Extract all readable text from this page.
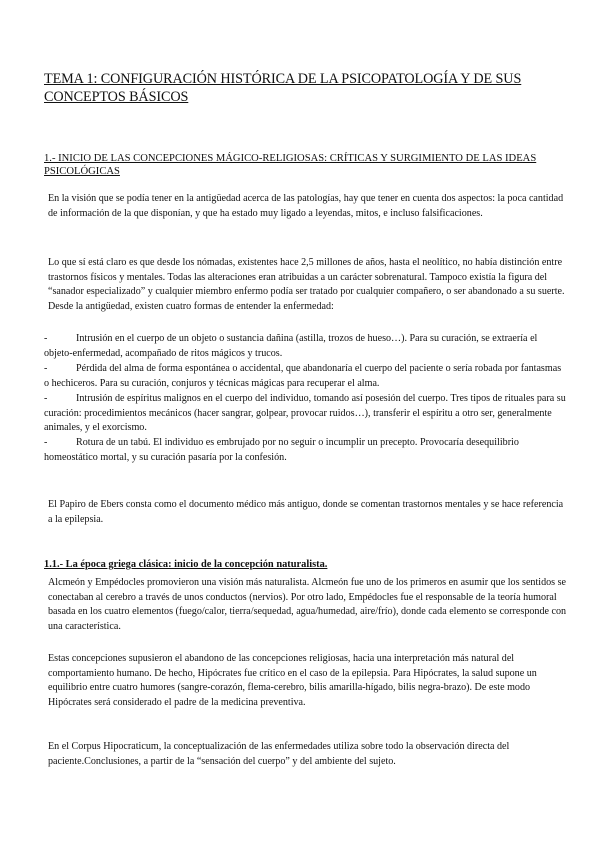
TEMA 1: CONFIGURACIÓN HISTÓRICA DE LA PSICOPATOLOGÍA Y DE SUS CONCEPTOS BÁSICOS
1.- INICIO DE LAS CONCEPCIONES MÁGICO-RELIGIOSAS: CRÍTICAS Y SURGIMIENTO DE LAS IDEAS PSICOLÓGICAS
En la visión que se podía tener en la antigüedad acerca de las patologías, hay que tener en cuenta dos aspectos: la poca cantidad de información de la que disponían, y que ha estado muy ligado a leyendas, mitos, e incluso falsificaciones.
Lo que sí está claro es que desde los nómadas, existentes hace 2,5 millones de años, hasta el neolítico, no había distinción entre trastornos físicos y mentales. Todas las alteraciones eran atribuidas a un carácter sobrenatural. Tampoco existía la figura del “sanador especializado” y cualquier miembro enfermo podía ser tratado por cualquier compañero, o ser abandonado a su suerte. Desde la antigüedad, existen cuatro formas de entender la enfermedad:
-	Intrusión en el cuerpo de un objeto o sustancia dañina (astilla, trozos de hueso…). Para su curación, se extraería el objeto-enfermedad, acompañado de ritos mágicos y trucos.
-	Pérdida del alma de forma espontánea o accidental, que abandonaría el cuerpo del paciente o sería robada por fantasmas o hechiceros. Para su curación, conjuros y técnicas mágicas para recuperar el alma.
-	Intrusión de espíritus malignos en el cuerpo del individuo, tomando así posesión del cuerpo. Tres tipos de rituales para su curación: procedimientos mecánicos (hacer sangrar, golpear, provocar ruidos…), transferir el espíritu a otro ser, generalmente animales, y el exorcismo.
-	Rotura de un tabú. El individuo es embrujado por no seguir o incumplir un precepto. Provocaría desequilibrio homeostático mortal, y su curación pasaría por la confesión.
El Papiro de Ebers consta como el documento médico más antiguo, donde se comentan trastornos mentales y se hace referencia a la epilepsia.
1.1.- La época griega clásica: inicio de la concepción naturalista.
Alcmeón y Empédocles promovieron una visión más naturalista. Alcmeón fue uno de los primeros en asumir que los sentidos se conectaban al cerebro a través de unos conductos (nervios). Por otro lado, Empédocles fue el responsable de la teoría humoral basada en los cuatro elementos (fuego/calor, tierra/sequedad, agua/humedad, aire/frío), donde cada elemento se corresponde con una característica.
Estas concepciones supusieron el abandono de las concepciones religiosas, hacia una interpretación más natural del comportamiento humano. De hecho, Hipócrates fue crítico en el caso de la epilepsia. Para Hipócrates, la salud supone un equilibrio entre cuatro humores (sangre-corazón, flema-cerebro, bilis amarilla-hígado, bilis negra-brazo). De este modo Hipócrates será considerado el padre de la medicina preventiva.
En el Corpus Hipocraticum, la conceptualización de las enfermedades utiliza sobre todo la observación directa del paciente.Conclusiones, a partir de la “sensación del cuerpo” y del ambiente del sujeto.
